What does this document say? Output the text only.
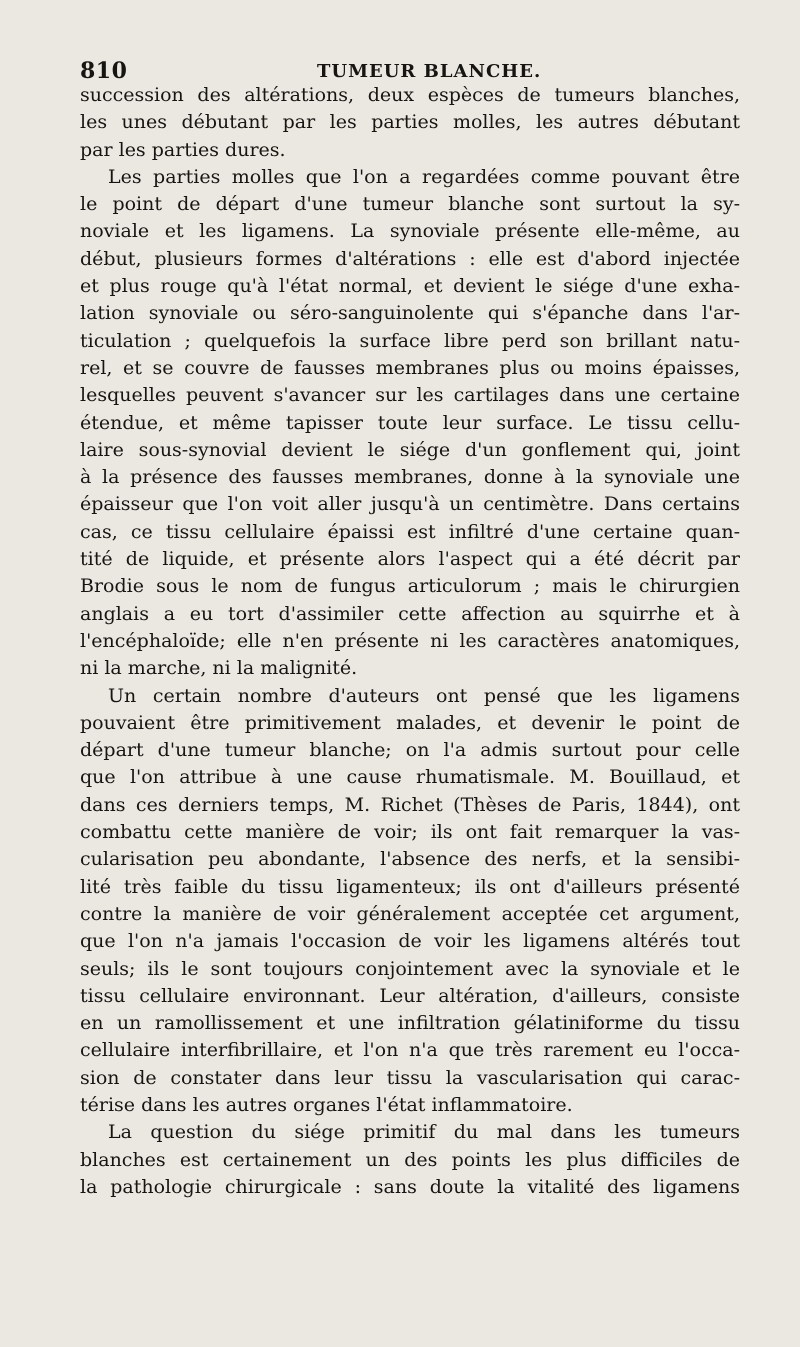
810	TUMEUR BLANCHE.
succession des altérations, deux espèces de tumeurs blanches,
les unes débutant par les parties molles, les autres débutant
par les parties dures.
Les parties molles que l'on a regardées comme pouvant être
le point de départ d'une tumeur blanche sont surtout la sy-
noviale et les ligamens. La synoviale présente elle-même, au
début, plusieurs formes d'altérations : elle est d'abord injectée
et plus rouge qu'à l'état normal, et devient le siége d'une exha-
lation synoviale ou séro-sanguinolente qui s'épanche dans l'ar-
ticulation ; quelquefois la surface libre perd son brillant natu-
rel, et se couvre de fausses membranes plus ou moins épaisses,
lesquelles peuvent s'avancer sur les cartilages dans une certaine
étendue, et même tapisser toute leur surface. Le tissu cellu-
laire sous-synovial devient le siége d'un gonflement qui, joint
à la présence des fausses membranes, donne à la synoviale une
épaisseur que l'on voit aller jusqu'à un centimètre. Dans certains
cas, ce tissu cellulaire épaissi est infiltré d'une certaine quan-
tité de liquide, et présente alors l'aspect qui a été décrit par
Brodie sous le nom de fungus articulorum ; mais le chirurgien
anglais a eu tort d'assimiler cette affection au squirrhe et à
l'encéphaloïde; elle n'en présente ni les caractères anatomiques,
ni la marche, ni la malignité.
Un certain nombre d'auteurs ont pensé que les ligamens
pouvaient être primitivement malades, et devenir le point de
départ d'une tumeur blanche; on l'a admis surtout pour celle
que l'on attribue à une cause rhumatismale. M. Bouillaud, et
dans ces derniers temps, M. Richet (Thèses de Paris, 1844), ont
combattu cette manière de voir; ils ont fait remarquer la vas-
cularisation peu abondante, l'absence des nerfs, et la sensibi-
lité très faible du tissu ligamenteux; ils ont d'ailleurs présenté
contre la manière de voir généralement acceptée cet argument,
que l'on n'a jamais l'occasion de voir les ligamens altérés tout
seuls; ils le sont toujours conjointement avec la synoviale et le
tissu cellulaire environnant. Leur altération, d'ailleurs, consiste
en un ramollissement et une infiltration gélatiniforme du tissu
cellulaire interfibrillaire, et l'on n'a que très rarement eu l'occa-
sion de constater dans leur tissu la vascularisation qui carac-
térise dans les autres organes l'état inflammatoire.
La question du siége primitif du mal dans les tumeurs
blanches est certainement un des points les plus difficiles de
la pathologie chirurgicale : sans doute la vitalité des ligamens
